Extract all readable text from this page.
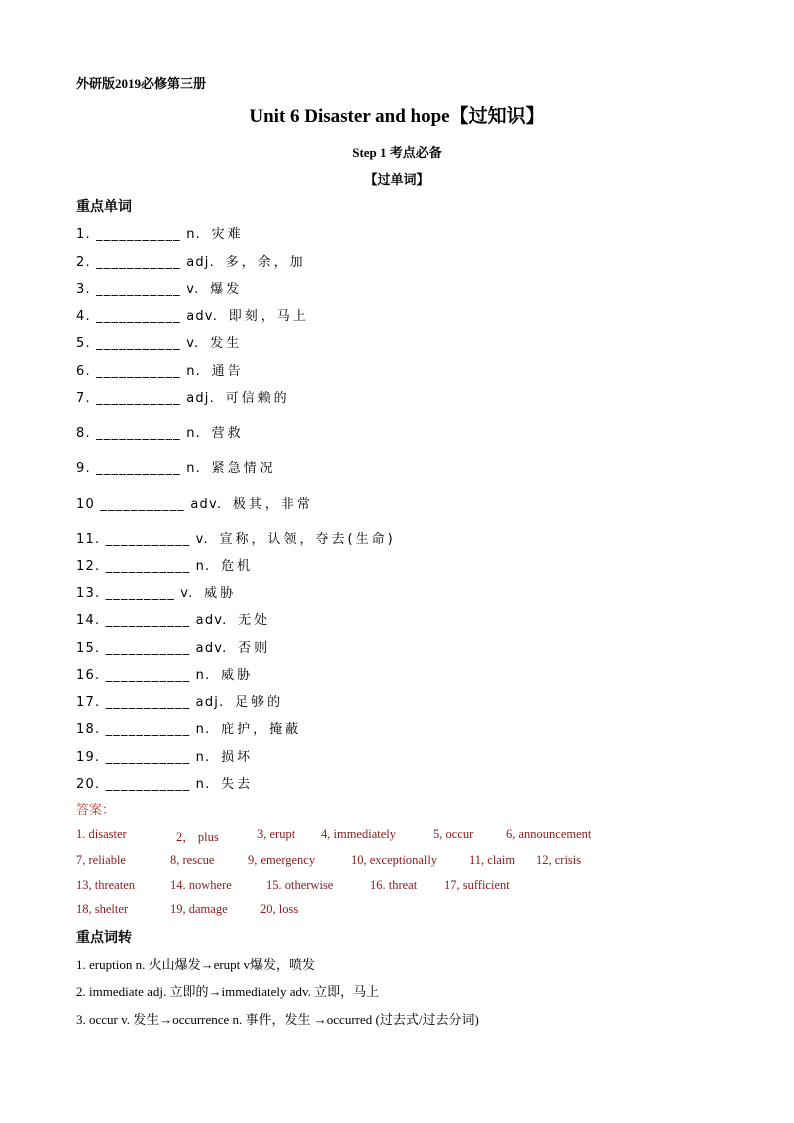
外研版2019必修第三册
Unit 6 Disaster and hope【过知识】
Step 1 考点必备
【过单词】
重点单词
1. ___________ n.  灾难
2. ___________ adj.  多，余，加
3. ___________ v.  爆发
4. ___________ adv.  即刻，马上
5. ___________ v.  发生
6. ___________ n.  通告
7. ___________ adj.  可信赖的
8. ___________ n.  营救
9. ___________ n.  紧急情况
10 ___________ adv.  极其，非常
11. ___________ v.  宣称，认领，夺去(生命)
12. ___________ n.  危机
13. _________ v.  威胁
14. ___________ adv.  无处
15. ___________ adv.  否则
16. ___________ n.  威胁
17. ___________ adj.  足够的
18. ___________ n.  庇护，掩蔽
19. ___________ n.  损坏
20. ___________ n.  失去
答案：
1. disaster	2， plus	3, erupt 4, immediately	5, occur	6, announcement
7, reliable	8, rescue	9, emergency	10, exceptionally	11, claim 12, crisis
13, threaten	14. nowhere	15. otherwise	16. threat 17, sufficient
18, shelter	19, damage	20, loss
重点词转
1. eruption n. 火山爆发→erupt v爆发，喷发
2. immediate adj. 立即的→immediately adv. 立即，马上
3. occur v. 发生→occurrence n. 事件，发生 →occurred (过去式/过去分词)
